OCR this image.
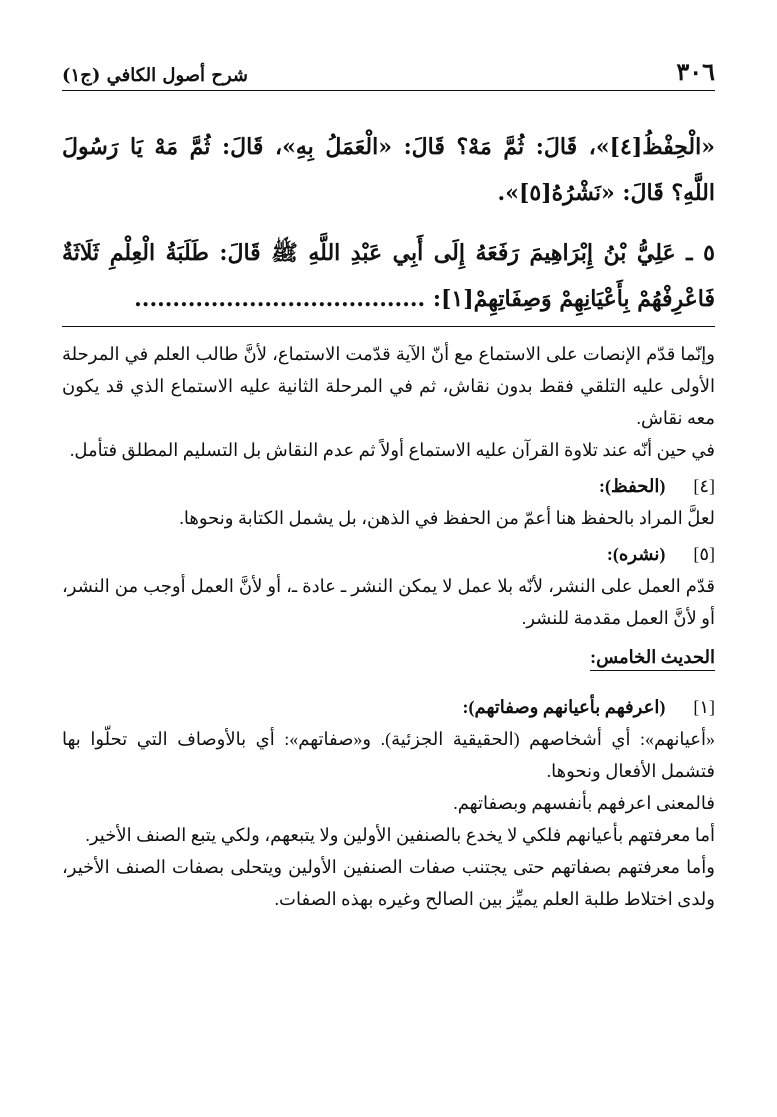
٣٠٦
شرح أصول الكافي (ج١)

«الْحِفْظُ[٤]»، قَالَ: ثُمَّ مَهْ؟ قَالَ: «الْعَمَلُ بِهِ»، قَالَ: ثُمَّ مَهْ يَا رَسُولَ اللَّهِ؟ قَالَ: «نَشْرُهُ[٥]».

٥ ـ عَلِيُّ بْنُ إِبْرَاهِيمَ رَفَعَهُ إِلَى أَبِي عَبْدِ اللَّهِ ﷺ قَالَ: طَلَبَةُ الْعِلْمِ ثَلَاثَةٌ فَاعْرِفْهُمْ بِأَعْيَانِهِمْ وَصِفَاتِهِمْ[١]: ......................................

وإنّما قدّم الإنصات على الاستماع مع أنّ الآية قدّمت الاستماع، لأنَّ طالب العلم في المرحلة الأولى عليه التلقي فقط بدون نقاش، ثم في المرحلة الثانية عليه الاستماع الذي قد يكون معه نقاش.

في حين أنّه عند تلاوة القرآن عليه الاستماع أولاً ثم عدم النقاش بل التسليم المطلق فتأمل.

[٤]
(الحفظ):

لعلَّ المراد بالحفظ هنا أعمّ من الحفظ في الذهن، بل يشمل الكتابة ونحوها.

[٥]
(نشره):

قدّم العمل على النشر، لأنّه بلا عمل لا يمكن النشر ـ عادة ـ، أو لأنَّ العمل أوجب من النشر، أو لأنَّ العمل مقدمة للنشر.

الحديث الخامس:
[١]
(اعرفهم بأعيانهم وصفاتهم):

«أعيانهم»: أي أشخاصهم (الحقيقية الجزئية). و«صفاتهم»: أي بالأوصاف التي تحلّوا بها فتشمل الأفعال ونحوها.

فالمعنى اعرفهم بأنفسهم وبصفاتهم.

أما معرفتهم بأعيانهم فلكي لا يخدع بالصنفين الأولين ولا يتبعهم، ولكي يتبع الصنف الأخير.

وأما معرفتهم بصفاتهم حتى يجتنب صفات الصنفين الأولين ويتحلى بصفات الصنف الأخير، ولدى اختلاط طلبة العلم يميِّز بين الصالح وغيره بهذه الصفات.
